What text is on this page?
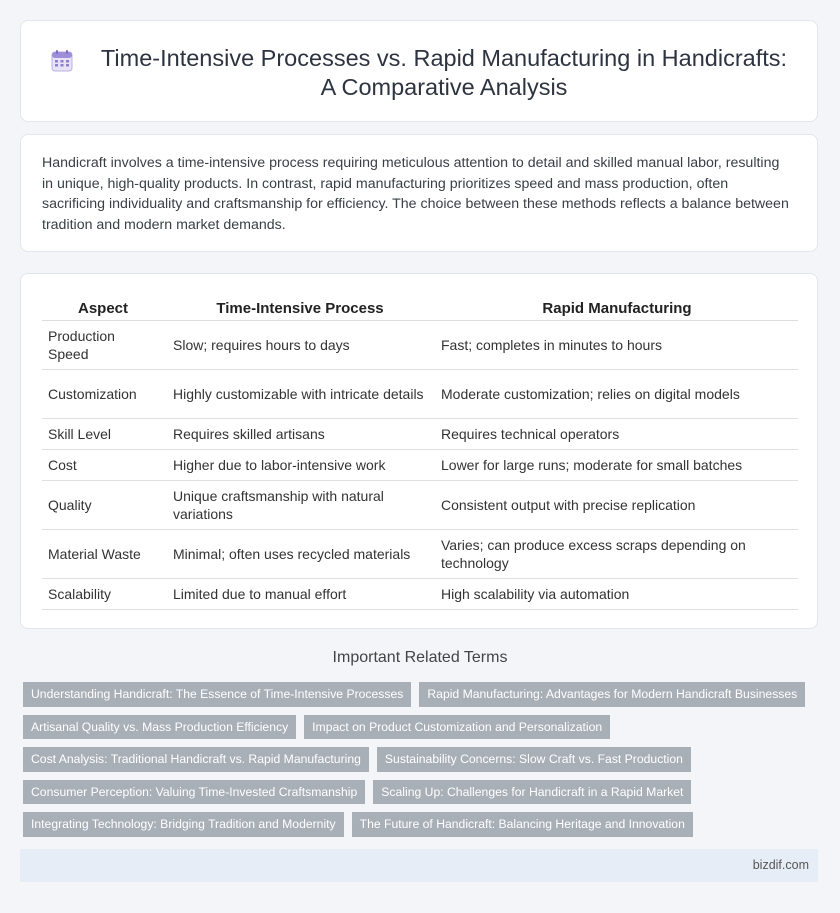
Time-Intensive Processes vs. Rapid Manufacturing in Handicrafts:
A Comparative Analysis

Handicraft involves a time-intensive process requiring meticulous attention to detail and skilled manual labor, resulting in unique, high-quality products. In contrast, rapid manufacturing prioritizes speed and mass production, often sacrificing individuality and craftsmanship for efficiency. The choice between these methods reflects a balance between tradition and modern market demands.

Aspect	Time-Intensive Process	Rapid Manufacturing
Production Speed	Slow; requires hours to days	Fast; completes in minutes to hours
Customization	Highly customizable with intricate details	Moderate customization; relies on digital models
Skill Level	Requires skilled artisans	Requires technical operators
Cost	Higher due to labor-intensive work	Lower for large runs; moderate for small batches
Quality	Unique craftsmanship with natural variations	Consistent output with precise replication
Material Waste	Minimal; often uses recycled materials	Varies; can produce excess scraps depending on technology
Scalability	Limited due to manual effort	High scalability via automation
Important Related Terms
Understanding Handicraft: The Essence of Time-Intensive Processes	Rapid Manufacturing: Advantages for Modern Handicraft Businesses
Artisanal Quality vs. Mass Production Efficiency	Impact on Product Customization and Personalization
Cost Analysis: Traditional Handicraft vs. Rapid Manufacturing	Sustainability Concerns: Slow Craft vs. Fast Production
Consumer Perception: Valuing Time-Invested Craftsmanship	Scaling Up: Challenges for Handicraft in a Rapid Market
Integrating Technology: Bridging Tradition and Modernity	The Future of Handicraft: Balancing Heritage and Innovation
bizdif.com
